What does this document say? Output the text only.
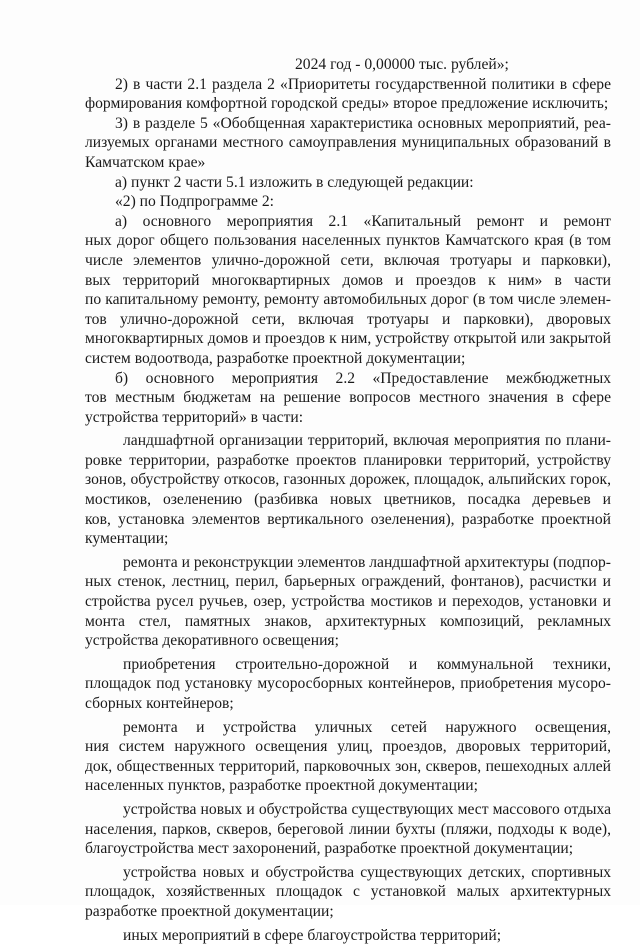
2024 год - 0,00000 тыс. рублей»;
2) в части 2.1 раздела 2 «Приоритеты государственной политики в сфере
формирования комфортной городской среды» второе предложение исключить;
3) в разделе 5 «Обобщенная характеристика основных мероприятий, реа-
лизуемых органами местного самоуправления муниципальных образований в
Камчатском крае»
а) пункт 2 части 5.1 изложить в следующей редакции:
«2) по Подпрограмме 2:
а) основного мероприятия 2.1 «Капитальный ремонт и ремонт
ных дорог общего пользования населенных пунктов Камчатского края (в том
числе элементов улично-дорожной сети, включая тротуары и парковки),
вых территорий многоквартирных домов и проездов к ним» в части
по капитальному ремонту, ремонту автомобильных дорог (в том числе элемен-
тов улично-дорожной сети, включая тротуары и парковки), дворовых
многоквартирных домов и проездов к ним, устройству открытой или закрытой
систем водоотвода, разработке проектной документации;
б) основного мероприятия 2.2 «Предоставление межбюджетных
тов местным бюджетам на решение вопросов местного значения в сфере
устройства территорий» в части:
ландшафтной организации территорий, включая мероприятия по плани-
ровке территории, разработке проектов планировки территорий, устройству
зонов, обустройству откосов, газонных дорожек, площадок, альпийских горок,
мостиков, озеленению (разбивка новых цветников, посадка деревьев и
ков, установка элементов вертикального озеленения), разработке проектной
кументации;
ремонта и реконструкции элементов ландшафтной архитектуры (подпор-
ных стенок, лестниц, перил, барьерных ограждений, фонтанов), расчистки и
стройства русел ручьев, озер, устройства мостиков и переходов, установки и
монта стел, памятных знаков, архитектурных композиций, рекламных
устройства декоративного освещения;
приобретения строительно-дорожной и коммунальной техники,
площадок под установку мусоросборных контейнеров, приобретения мусоро-
сборных контейнеров;
ремонта и устройства уличных сетей наружного освещения,
ния систем наружного освещения улиц, проездов, дворовых территорий,
док, общественных территорий, парковочных зон, скверов, пешеходных аллей
населенных пунктов, разработке проектной документации;
устройства новых и обустройства существующих мест массового отдыха
населения, парков, скверов, береговой линии бухты (пляжи, подходы к воде),
благоустройства мест захоронений, разработке проектной документации;
устройства новых и обустройства существующих детских, спортивных
площадок, хозяйственных площадок с установкой малых архитектурных
разработке проектной документации;
иных мероприятий в сфере благоустройства территорий;
